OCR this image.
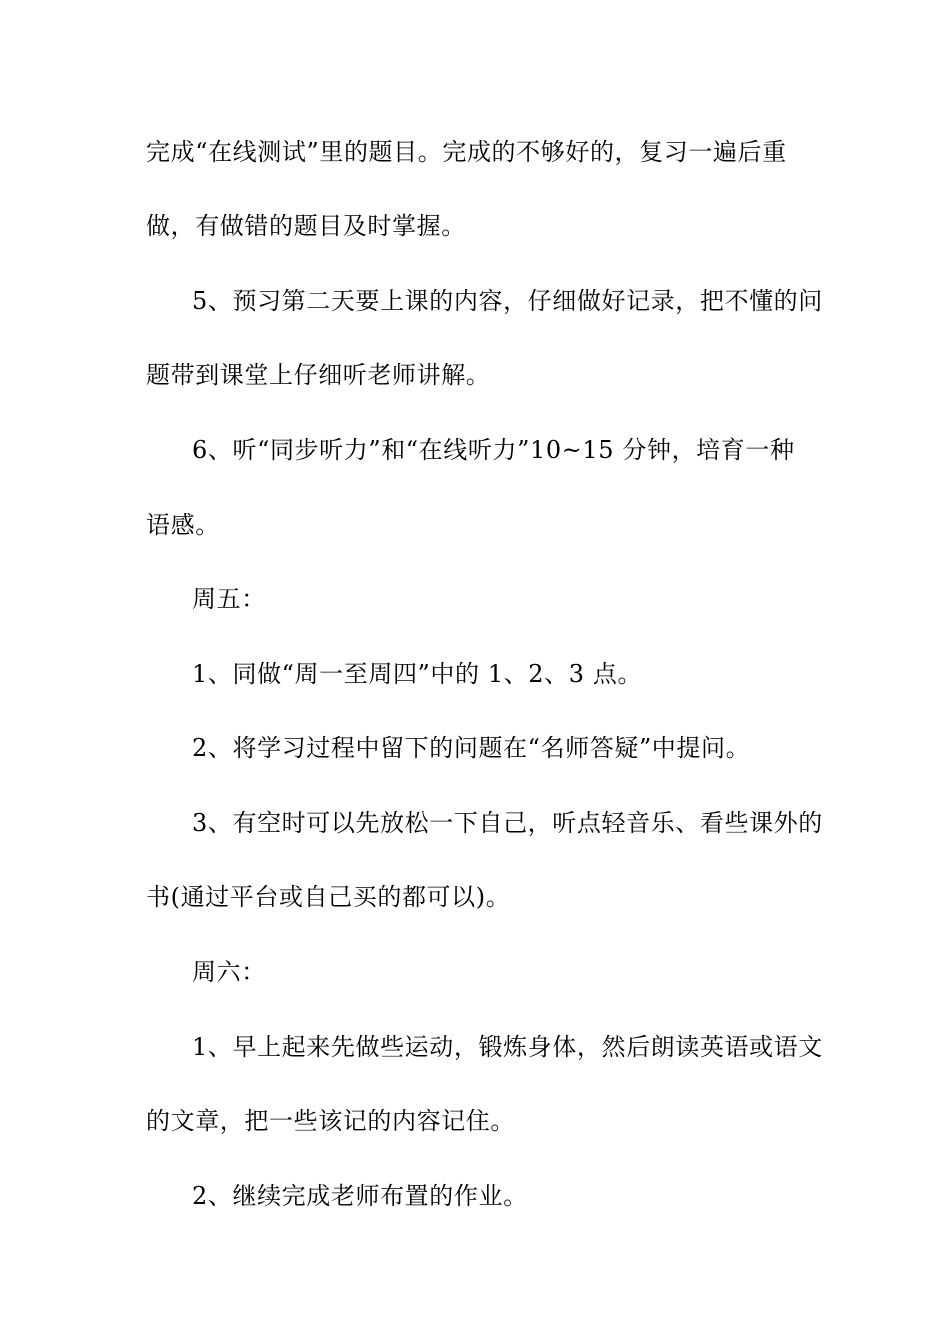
完成“在线测试”里的题目。完成的不够好的，复习一遍后重
做，有做错的题目及时掌握。
5、预习第二天要上课的内容，仔细做好记录，把不懂的问
题带到课堂上仔细听老师讲解。
6、听“同步听力”和“在线听力”10~15 分钟，培育一种
语感。
周五：
1、同做“周一至周四”中的 1、2、3 点。
2、将学习过程中留下的问题在“名师答疑”中提问。
3、有空时可以先放松一下自己，听点轻音乐、看些课外的
书(通过平台或自己买的都可以)。
周六：
1、早上起来先做些运动，锻炼身体，然后朗读英语或语文
的文章，把一些该记的内容记住。
2、继续完成老师布置的作业。
